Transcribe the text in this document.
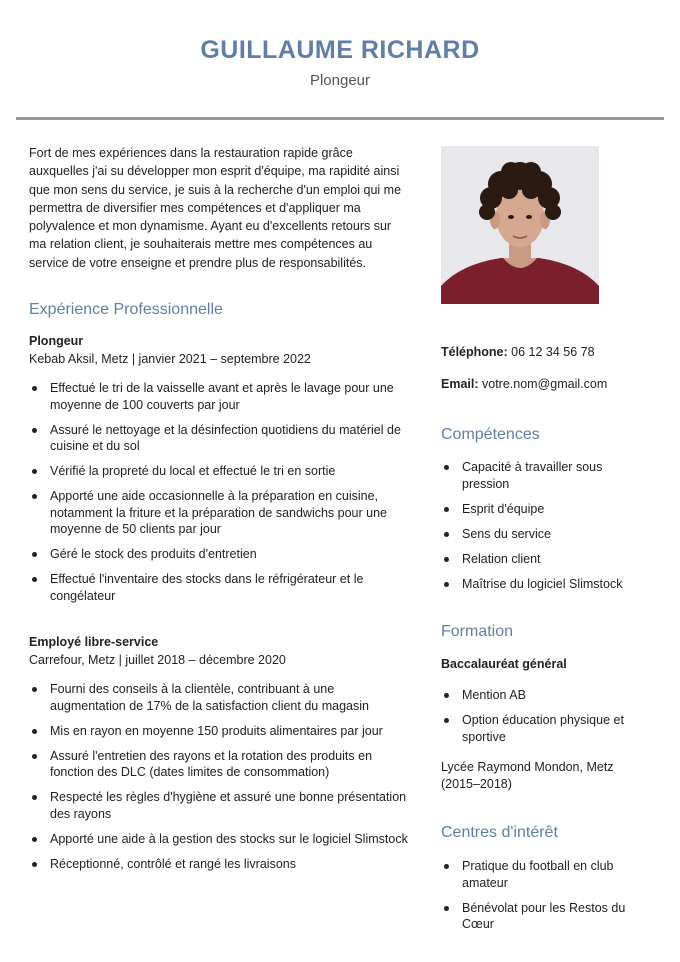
GUILLAUME RICHARD
Plongeur

Fort de mes expériences dans la restauration rapide grâce auxquelles j'ai su développer mon esprit d'équipe, ma rapidité ainsi que mon sens du service, je suis à la recherche d'un emploi qui me permettra de diversifier mes compétences et d'appliquer ma polyvalence et mon dynamisme. Ayant eu d'excellents retours sur ma relation client, je souhaiterais mettre mes compétences au service de votre enseigne et prendre plus de responsabilités.

Expérience Professionnelle
Plongeur
Kebab Aksil, Metz | janvier 2021 – septembre 2022
Effectué le tri de la vaisselle avant et après le lavage pour une moyenne de 100 couverts par jour
Assuré le nettoyage et la désinfection quotidiens du matériel de cuisine et du sol
Vérifié la propreté du local et effectué le tri en sortie
Apporté une aide occasionnelle à la préparation en cuisine, notamment la friture et la préparation de sandwichs pour une moyenne de 50 clients par jour
Géré le stock des produits d'entretien
Effectué l'inventaire des stocks dans le réfrigérateur et le congélateur
Employé libre-service
Carrefour, Metz | juillet 2018 – décembre 2020
Fourni des conseils à la clientèle, contribuant à une augmentation de 17% de la satisfaction client du magasin
Mis en rayon en moyenne 150 produits alimentaires par jour
Assuré l'entretien des rayons et la rotation des produits en fonction des DLC (dates limites de consommation)
Respecté les règles d'hygiène et assuré une bonne présentation des rayons
Apporté une aide à la gestion des stocks sur le logiciel Slimstock
Réceptionné, contrôlé et rangé les livraisons
Téléphone: 06 12 34 56 78
Email: votre.nom@gmail.com
Compétences
Capacité à travailler sous pression
Esprit d'équipe
Sens du service
Relation client
Maîtrise du logiciel Slimstock
Formation
Baccalauréat général
Mention AB
Option éducation physique et sportive
Lycée Raymond Mondon, Metz (2015–2018)
Centres d'intérêt
Pratique du football en club amateur
Bénévolat pour les Restos du Cœur
